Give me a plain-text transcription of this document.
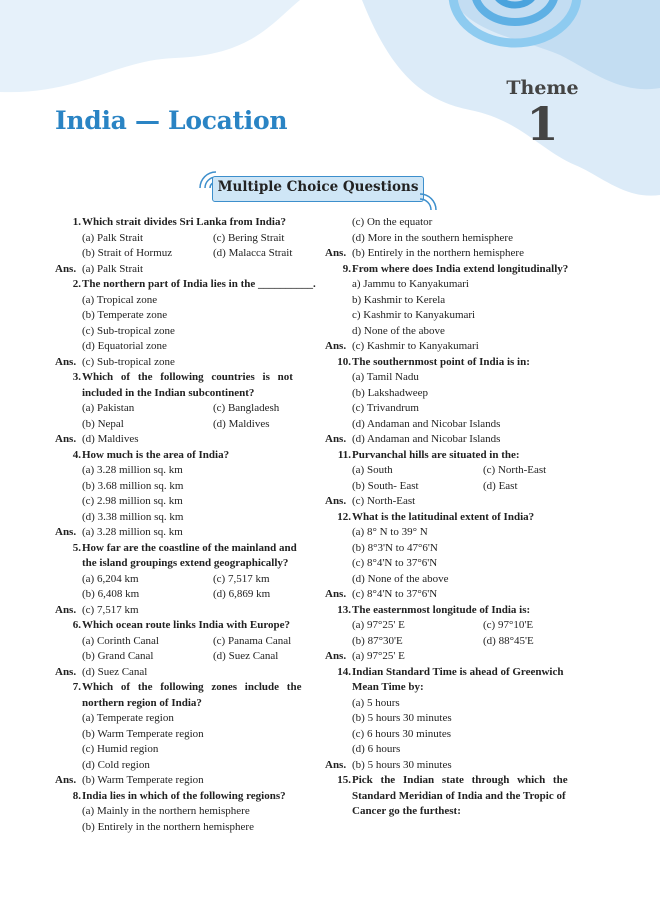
India — Location
Theme
1
Multiple Choice Questions
1. Which strait divides Sri Lanka from India?
(a) Palk Strait	(c) Bering Strait
(b) Strait of Hormuz	(d) Malacca Strait
Ans. (a) Palk Strait
2. The northern part of India lies in the __________.
(a) Tropical zone
(b) Temperate zone
(c) Sub-tropical zone
(d) Equatorial zone
Ans. (c) Sub-tropical zone
3. Which of the following countries is not
included in the Indian subcontinent?
(a) Pakistan	(c) Bangladesh
(b) Nepal	(d) Maldives
Ans. (d) Maldives
4. How much is the area of India?
(a) 3.28 million sq. km
(b) 3.68 million sq. km
(c) 2.98 million sq. km
(d) 3.38 million sq. km
Ans. (a) 3.28 million sq. km
5. How far are the coastline of the mainland and
the island groupings extend geographically?
(a) 6,204 km	(c) 7,517 km
(b) 6,408 km	(d) 6,869 km
Ans. (c) 7,517 km
6. Which ocean route links India with Europe?
(a) Corinth Canal	(c) Panama Canal
(b) Grand Canal	(d) Suez Canal
Ans. (d) Suez Canal
7. Which of the following zones include the
northern region of India?
(a) Temperate region
(b) Warm Temperate region
(c) Humid region
(d) Cold region
Ans. (b) Warm Temperate region
8. India lies in which of the following regions?
(a) Mainly in the northern hemisphere
(b) Entirely in the northern hemisphere
(c) On the equator
(d) More in the southern hemisphere
Ans. (b) Entirely in the northern hemisphere
9. From where does India extend longitudinally?
a) Jammu to Kanyakumari
b) Kashmir to Kerela
c) Kashmir to Kanyakumari
d) None of the above
Ans. (c) Kashmir to Kanyakumari
10. The southernmost point of India is in:
(a) Tamil Nadu
(b) Lakshadweep
(c) Trivandrum
(d) Andaman and Nicobar Islands
Ans. (d) Andaman and Nicobar Islands
11. Purvanchal hills are situated in the:
(a) South	(c) North-East
(b) South- East	(d) East
Ans. (c) North-East
12. What is the latitudinal extent of India?
(a) 8° N to 39° N
(b) 8°3'N to 47°6'N
(c) 8°4'N to 37°6'N
(d) None of the above
Ans. (c) 8°4'N to 37°6'N
13. The easternmost longitude of India is:
(a) 97°25' E	(c) 97°10'E
(b) 87°30'E	(d) 88°45'E
Ans. (a) 97°25' E
14. Indian Standard Time is ahead of Greenwich
Mean Time by:
(a) 5 hours
(b) 5 hours 30 minutes
(c) 6 hours 30 minutes
(d) 6 hours
Ans. (b) 5 hours 30 minutes
15. Pick the Indian state through which the
Standard Meridian of India and the Tropic of
Cancer go the furthest:
